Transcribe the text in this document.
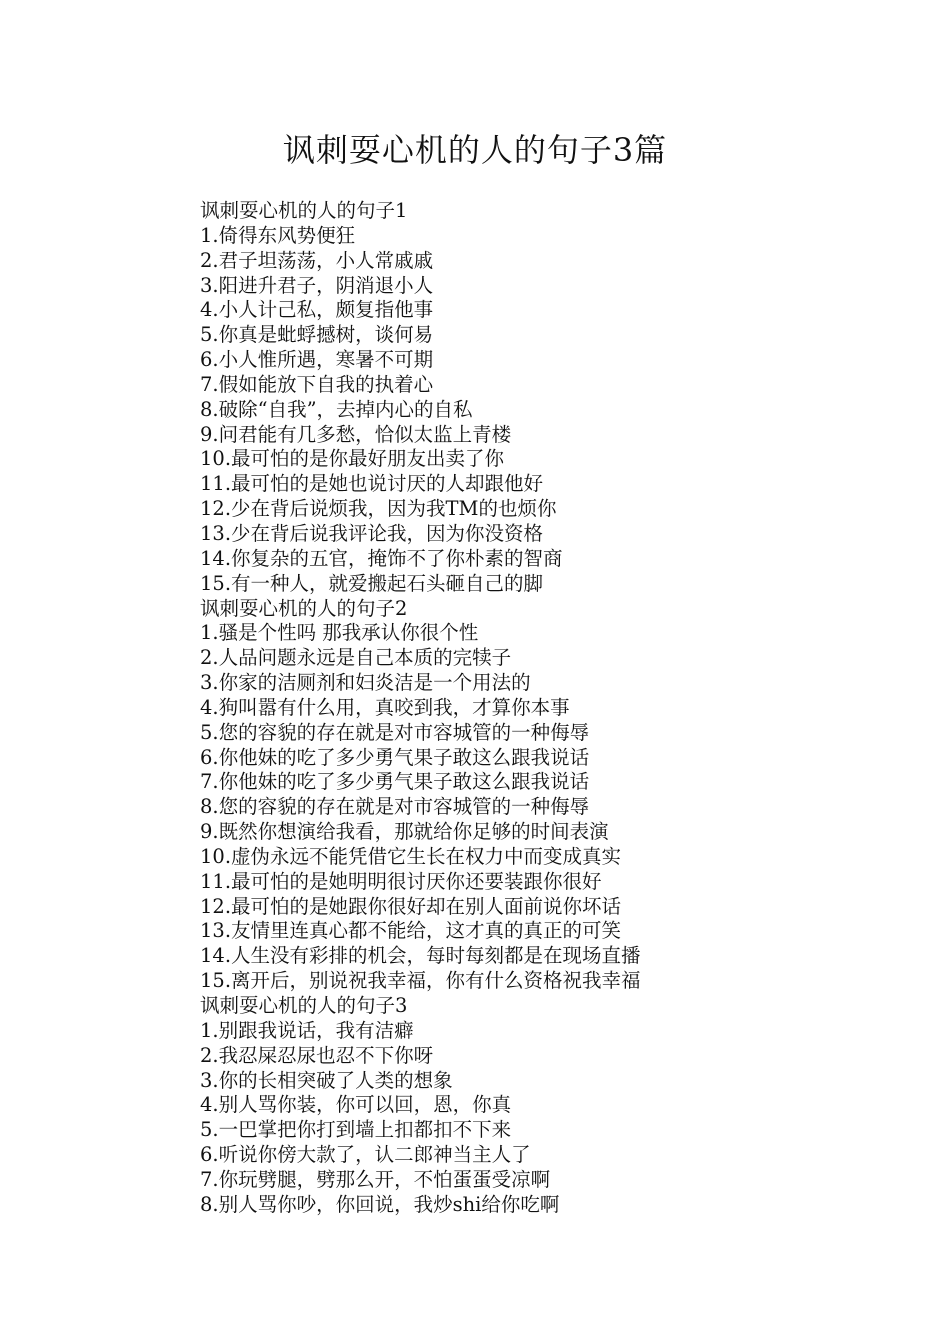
讽刺耍心机的人的句子3篇
讽刺耍心机的人的句子1
1.倚得东风势便狂
2.君子坦荡荡，小人常戚戚
3.阳进升君子，阴消退小人
4.小人计己私，颇复指他事
5.你真是蚍蜉撼树，谈何易
6.小人惟所遇，寒暑不可期
7.假如能放下自我的执着心
8.破除“自我”，去掉内心的自私
9.问君能有几多愁，恰似太监上青楼
10.最可怕的是你最好朋友出卖了你
11.最可怕的是她也说讨厌的人却跟他好
12.少在背后说烦我，因为我TM的也烦你
13.少在背后说我评论我，因为你没资格
14.你复杂的五官，掩饰不了你朴素的智商
15.有一种人，就爱搬起石头砸自己的脚
讽刺耍心机的人的句子2
1.骚是个性吗 那我承认你很个性
2.人品问题永远是自己本质的完犊子
3.你家的洁厕剂和妇炎洁是一个用法的
4.狗叫嚣有什么用，真咬到我，才算你本事
5.您的容貌的存在就是对市容城管的一种侮辱
6.你他妹的吃了多少勇气果子敢这么跟我说话
7.你他妹的吃了多少勇气果子敢这么跟我说话
8.您的容貌的存在就是对市容城管的一种侮辱
9.既然你想演给我看，那就给你足够的时间表演
10.虚伪永远不能凭借它生长在权力中而变成真实
11.最可怕的是她明明很讨厌你还要装跟你很好
12.最可怕的是她跟你很好却在别人面前说你坏话
13.友情里连真心都不能给，这才真的真正的可笑
14.人生没有彩排的机会，每时每刻都是在现场直播
15.离开后，别说祝我幸福，你有什么资格祝我幸福
讽刺耍心机的人的句子3
1.别跟我说话，我有洁癖
2.我忍屎忍尿也忍不下你呀
3.你的长相突破了人类的想象
4.别人骂你装，你可以回，恩，你真
5.一巴掌把你打到墙上扣都扣不下来
6.听说你傍大款了，认二郎神当主人了
7.你玩劈腿，劈那么开，不怕蛋蛋受凉啊
8.别人骂你吵，你回说，我炒shi给你吃啊
